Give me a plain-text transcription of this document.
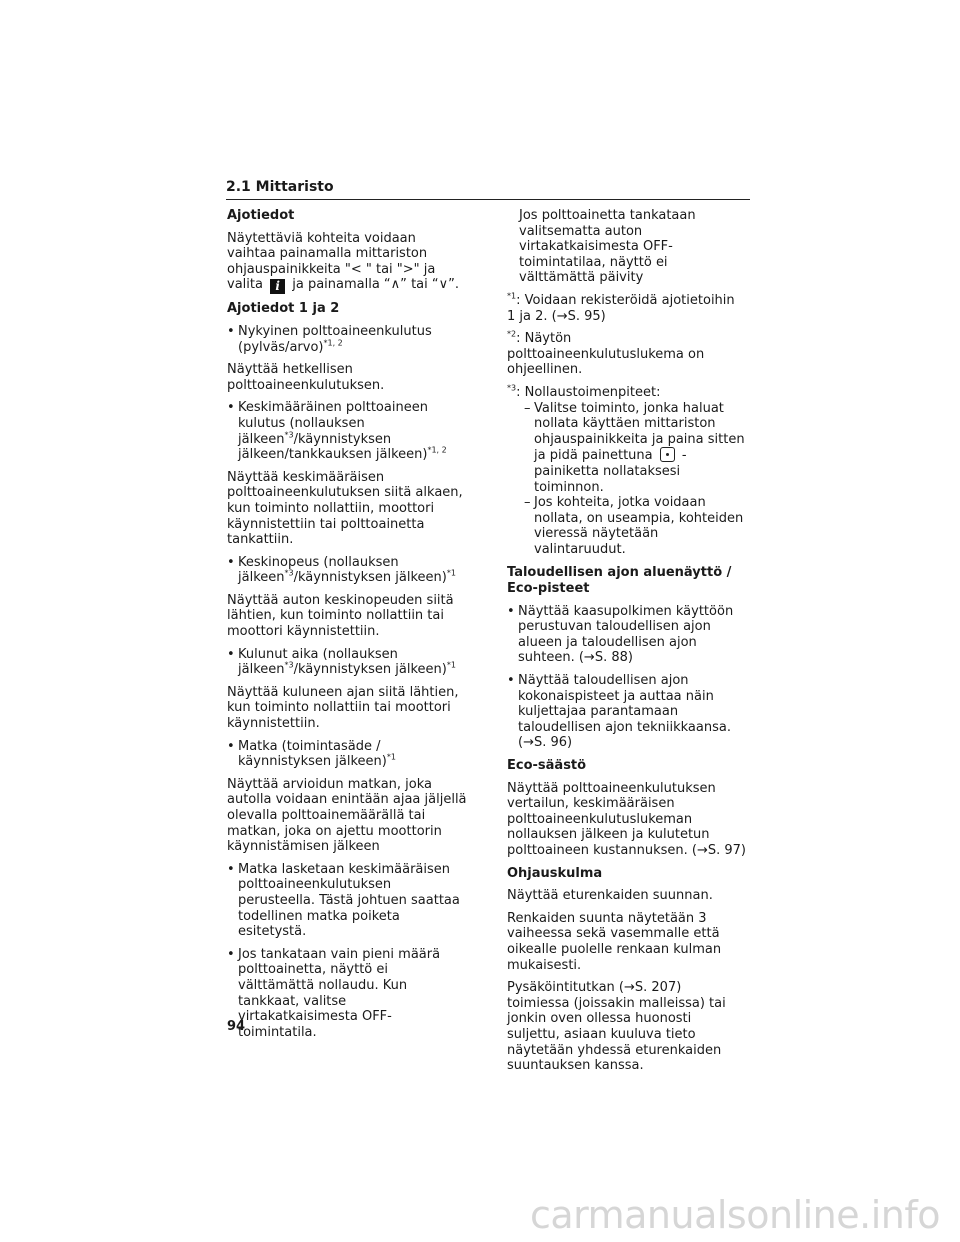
2.1 Mittaristo
Ajotiedot

Näytettäviä kohteita voidaan vaihtaa painamalla mittariston ohjauspainikkeita "< " tai ">" ja valita i ja painamalla “∧” tai “∨”.

Ajotiedot 1 ja 2
• Nykyinen polttoaineenkulutus (pylväs/arvo)$^{*1, 2}$

Näyttää hetkellisen polttoaineenkulutuksen.

• Keskimääräinen polttoaineen kulutus (nollauksen jälkeen$^{*3}$/käynnistyksen jälkeen/tankkauksen jälkeen)$^{*1, 2}$

Näyttää keskimääräisen polttoaineenkulutuksen siitä alkaen, kun toiminto nollattiin, moottori käynnistettiin tai polttoainetta tankattiin.

• Keskinopeus (nollauksen jälkeen$^{*3}$/käynnistyksen jälkeen)$^{*1}$

Näyttää auton keskinopeuden siitä lähtien, kun toiminto nollattiin tai moottori käynnistettiin.

• Kulunut aika (nollauksen jälkeen$^{*3}$/käynnistyksen jälkeen)$^{*1}$

Näyttää kuluneen ajan siitä lähtien, kun toiminto nollattiin tai moottori käynnistettiin.

• Matka (toimintasäde / käynnistyksen jälkeen)$^{*1}$

Näyttää arvioidun matkan, joka autolla voidaan enintään ajaa jäljellä olevalla polttoainemäärällä tai matkan, joka on ajettu moottorin käynnistämisen jälkeen

• Matka lasketaan keskimääräisen polttoaineenkulutuksen perusteella. Tästä johtuen saattaa todellinen matka poiketa esitetystä.
• Jos tankataan vain pieni määrä polttoainetta, näyttö ei välttämättä nollaudu. Kun tankkaat, valitse virtakatkaisimesta OFF-toimintatila.

Jos polttoainetta tankataan valitsematta auton virtakatkaisimesta OFF-toimintatilaa, näyttö ei välttämättä päivity

$^{*1}$: Voidaan rekisteröidä ajotietoihin 1 ja 2. (→S. 95)

$^{*2}$: Näytön polttoaineenkulutuslukema on ohjeellinen.

$^{*3}$: Nollaustoimenpiteet:

– Valitse toiminto, jonka haluat nollata käyttäen mittariston ohjauspainikkeita ja paina sitten ja pidä painettuna -painiketta nollataksesi toiminnon.
– Jos kohteita, jotka voidaan nollata, on useampia, kohteiden vieressä näytetään valintaruudut.
Taloudellisen ajon aluenäyttö / Eco-pisteet
• Näyttää kaasupolkimen käyttöön perustuvan taloudellisen ajon alueen ja taloudellisen ajon suhteen. (→S. 88)
• Näyttää taloudellisen ajon kokonaispisteet ja auttaa näin kuljettajaa parantamaan taloudellisen ajon tekniikkaansa. (→S. 96)
Eco-säästö

Näyttää polttoaineenkulutuksen vertailun, keskimääräisen polttoaineenkulutuslukeman nollauksen jälkeen ja kulutetun polttoaineen kustannuksen. (→S. 97)

Ohjauskulma

Näyttää eturenkaiden suunnan.

Renkaiden suunta näytetään 3 vaiheessa sekä vasemmalle että oikealle puolelle renkaan kulman mukaisesti.

Pysäköintitutkan (→S. 207) toimiessa (joissakin malleissa) tai jonkin oven ollessa huonosti suljettu, asiaan kuuluva tieto näytetään yhdessä eturenkaiden suuntauksen kanssa.

94
carmanualsonline.info
